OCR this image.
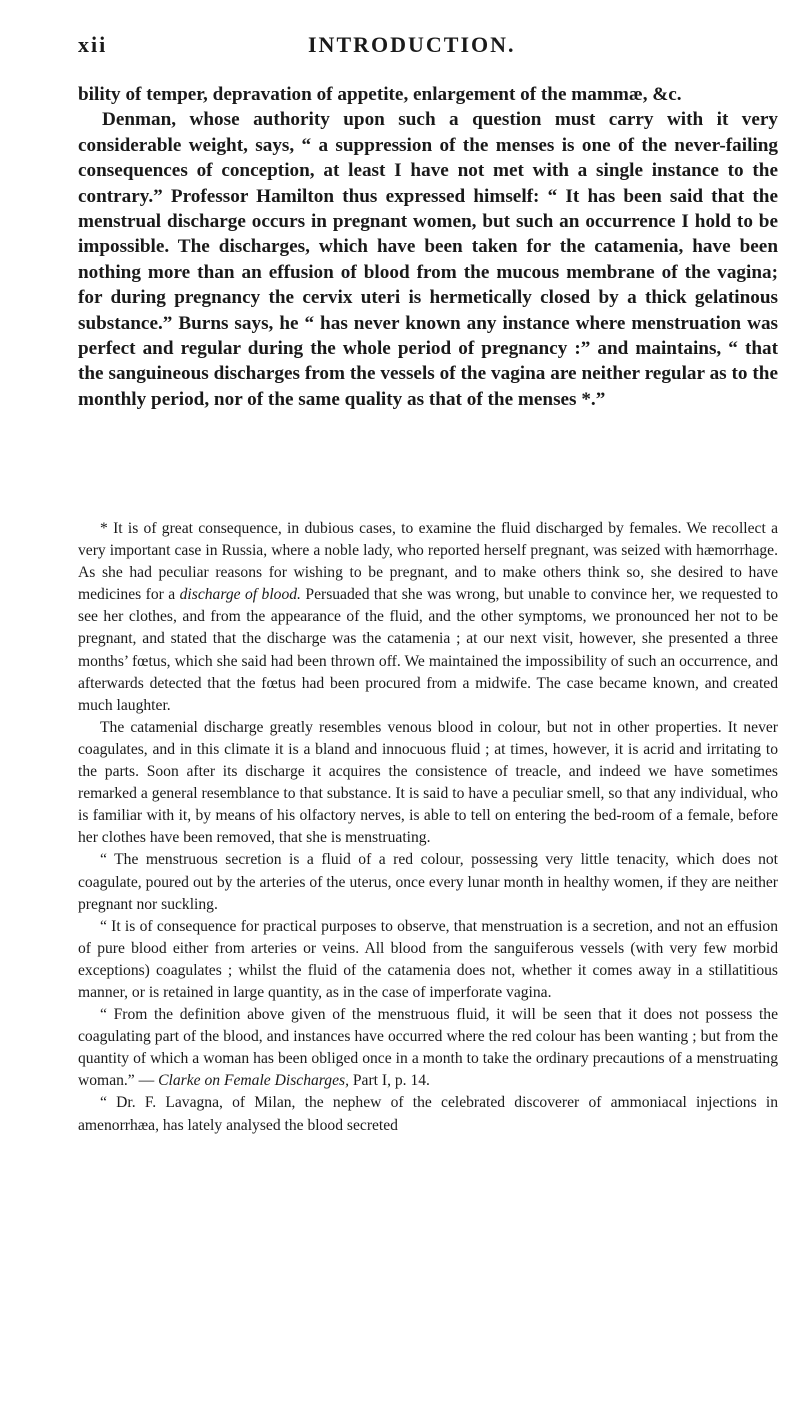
xii	INTRODUCTION.

bility of temper, depravation of appetite, enlargement of the mammæ, &c.

Denman, whose authority upon such a question must carry with it very considerable weight, says, “ a suppression of the menses is one of the never-failing consequences of conception, at least I have not met with a single instance to the contrary.” Professor Hamilton thus expressed himself: “ It has been said that the menstrual discharge occurs in pregnant women, but such an occurrence I hold to be impossible. The discharges, which have been taken for the catamenia, have been nothing more than an effusion of blood from the mucous membrane of the vagina; for during pregnancy the cervix uteri is hermetically closed by a thick gelatinous substance.” Burns says, he “ has never known any instance where menstruation was perfect and regular during the whole period of pregnancy :” and maintains, “ that the sanguineous discharges from the vessels of the vagina are neither regular as to the monthly period, nor of the same quality as that of the menses *.”

* It is of great consequence, in dubious cases, to examine the fluid discharged by females. We recollect a very important case in Russia, where a noble lady, who reported herself pregnant, was seized with hæmorrhage. As she had peculiar reasons for wishing to be pregnant, and to make others think so, she desired to have medicines for a discharge of blood. Persuaded that she was wrong, but unable to convince her, we requested to see her clothes, and from the appearance of the fluid, and the other symptoms, we pronounced her not to be pregnant, and stated that the discharge was the catamenia ; at our next visit, however, she presented a three months’ fœtus, which she said had been thrown off. We maintained the impossibility of such an occurrence, and afterwards detected that the fœtus had been procured from a midwife. The case became known, and created much laughter.

The catamenial discharge greatly resembles venous blood in colour, but not in other properties. It never coagulates, and in this climate it is a bland and innocuous fluid ; at times, however, it is acrid and irritating to the parts. Soon after its discharge it acquires the consistence of treacle, and indeed we have sometimes remarked a general resemblance to that substance. It is said to have a peculiar smell, so that any individual, who is familiar with it, by means of his olfactory nerves, is able to tell on entering the bed-room of a female, before her clothes have been removed, that she is menstruating.

“ The menstruous secretion is a fluid of a red colour, possessing very little tenacity, which does not coagulate, poured out by the arteries of the uterus, once every lunar month in healthy women, if they are neither pregnant nor suckling.

“ It is of consequence for practical purposes to observe, that menstruation is a secretion, and not an effusion of pure blood either from arteries or veins. All blood from the sanguiferous vessels (with very few morbid exceptions) coagulates ; whilst the fluid of the catamenia does not, whether it comes away in a stillatitious manner, or is retained in large quantity, as in the case of imperforate vagina.

“ From the definition above given of the menstruous fluid, it will be seen that it does not possess the coagulating part of the blood, and instances have occurred where the red colour has been wanting ; but from the quantity of which a woman has been obliged once in a month to take the ordinary precautions of a menstruating woman.” — Clarke on Female Discharges, Part I, p. 14.

“ Dr. F. Lavagna, of Milan, the nephew of the celebrated discoverer of ammoniacal injections in amenorrhæa, has lately analysed the blood secreted
